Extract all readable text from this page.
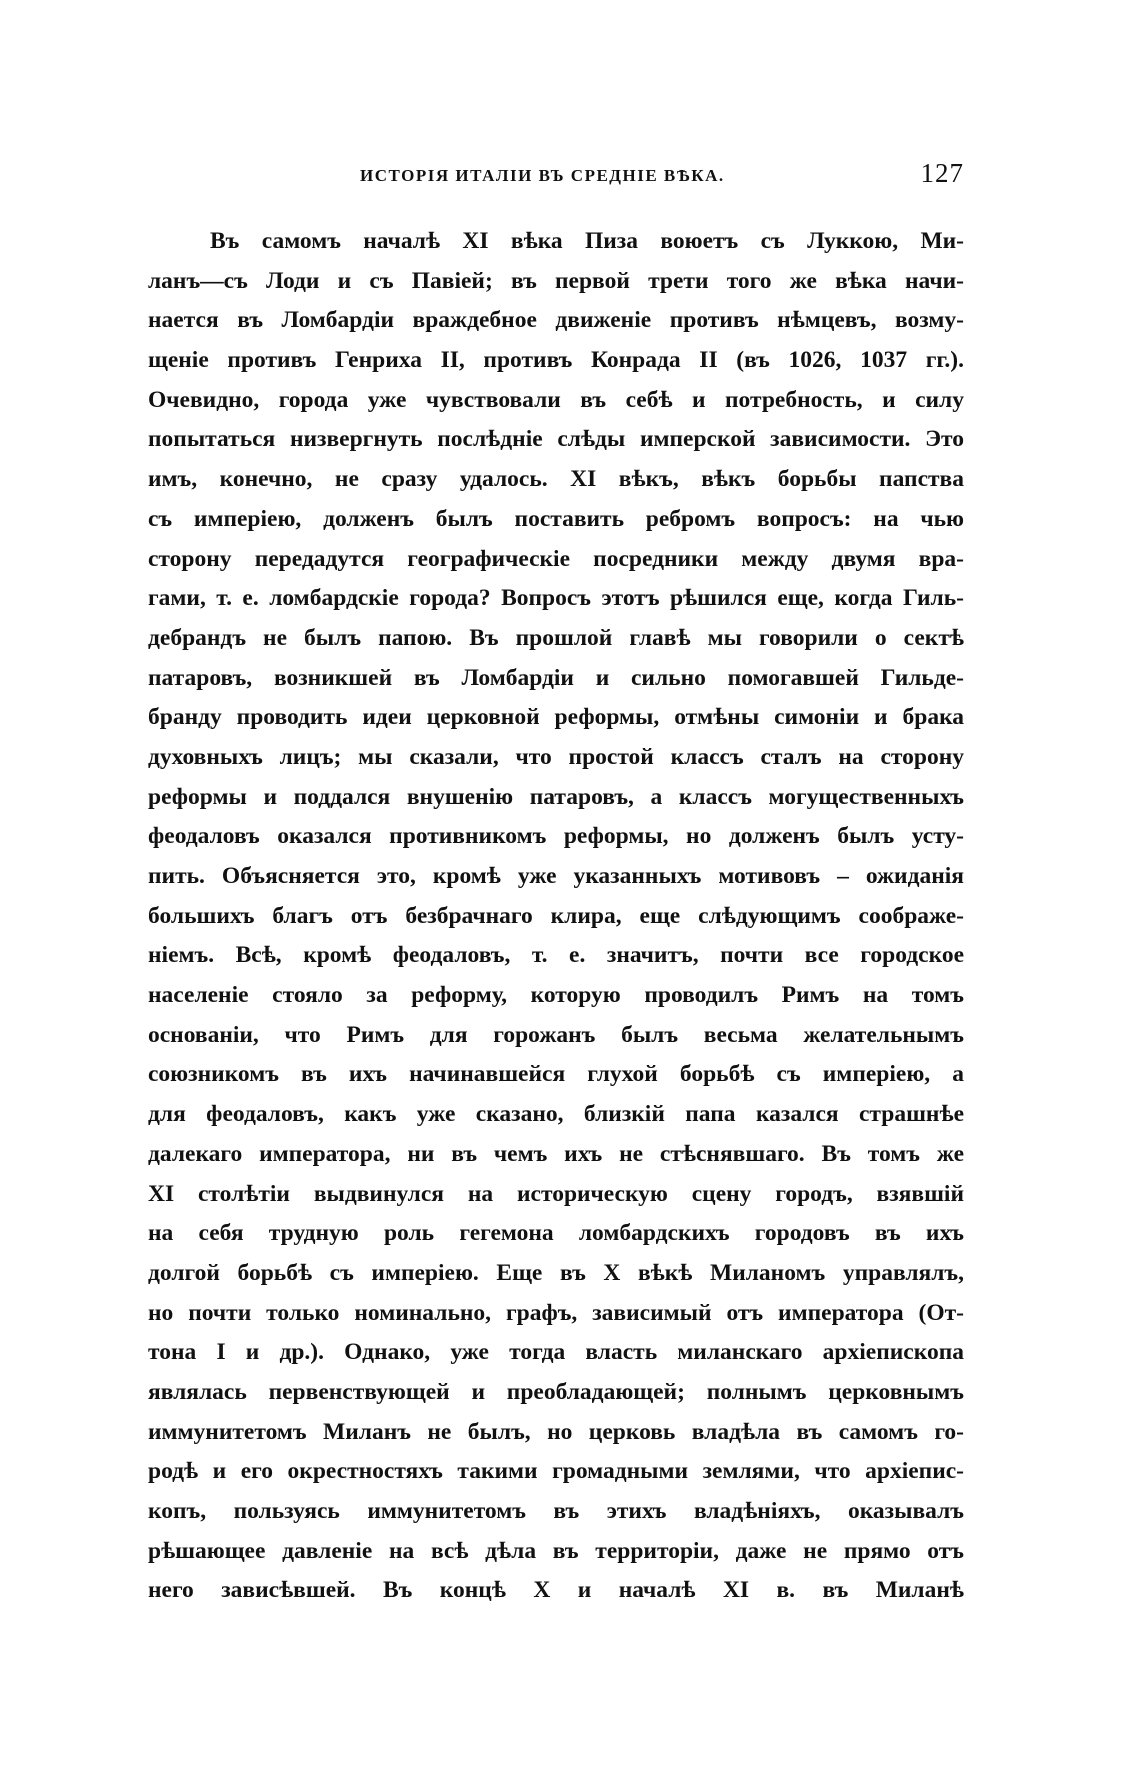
ИСТОРІЯ ИТАЛІИ ВЪ СРЕДНІЕ ВѢКА.	127
Въ самомъ началѣ XI вѣка Пиза воюетъ съ Луккою, Ми-
ланъ—съ Лоди и съ Павіей; въ первой трети того же вѣка начи-
нается въ Ломбардіи враждебное движеніе противъ нѣмцевъ, возму-
щеніе противъ Генриха II, противъ Конрада II (въ 1026, 1037 гг.).
Очевидно, города уже чувствовали въ себѣ и потребность, и силу
попытаться низвергнуть послѣдніе слѣды имперской зависимости. Это
имъ, конечно, не сразу удалось. XI вѣкъ, вѣкъ борьбы папства
съ имперіею, долженъ былъ поставить ребромъ вопросъ: на чью
сторону передадутся географическіе посредники между двумя вра-
гами, т. е. ломбардскіе города? Вопросъ этотъ рѣшился еще, когда Гиль-
дебрандъ не былъ папою. Въ прошлой главѣ мы говорили о сектѣ
патаровъ, возникшей въ Ломбардіи и сильно помогавшей Гильде-
бранду проводить идеи церковной реформы, отмѣны симоніи и брака
духовныхъ лицъ; мы сказали, что простой классъ сталъ на сторону
реформы и поддался внушенію патаровъ, а классъ могущественныхъ
феодаловъ оказался противникомъ реформы, но долженъ былъ усту-
пить. Объясняется это, кромѣ уже указанныхъ мотивовъ – ожиданія
большихъ благъ отъ безбрачнаго клира, еще слѣдующимъ соображе-
ніемъ. Всѣ, кромѣ феодаловъ, т. е. значитъ, почти все городское
населеніе стояло за реформу, которую проводилъ Римъ на томъ
основаніи, что Римъ для горожанъ былъ весьма желательнымъ
союзникомъ въ ихъ начинавшейся глухой борьбѣ съ имперіею, а
для феодаловъ, какъ уже сказано, близкій папа казался страшнѣе
далекаго императора, ни въ чемъ ихъ не стѣснявшаго. Въ томъ же
XI столѣтіи выдвинулся на историческую сцену городъ, взявшій
на себя трудную роль гегемона ломбардскихъ городовъ въ ихъ
долгой борьбѣ съ имперіею. Еще въ X вѣкѣ Миланомъ управлялъ,
но почти только номинально, графъ, зависимый отъ императора (От-
тона I и др.). Однако, уже тогда власть миланскаго архіепископа
являлась первенствующей и преобладающей; полнымъ церковнымъ
иммунитетомъ Миланъ не былъ, но церковь владѣла въ самомъ го-
родѣ и его окрестностяхъ такими громадными землями, что архіепис-
копъ, пользуясь иммунитетомъ въ этихъ владѣніяхъ, оказывалъ
рѣшающее давленіе на всѣ дѣла въ территоріи, даже не прямо отъ
него зависѣвшей. Въ концѣ X и началѣ XI в. въ Миланѣ
